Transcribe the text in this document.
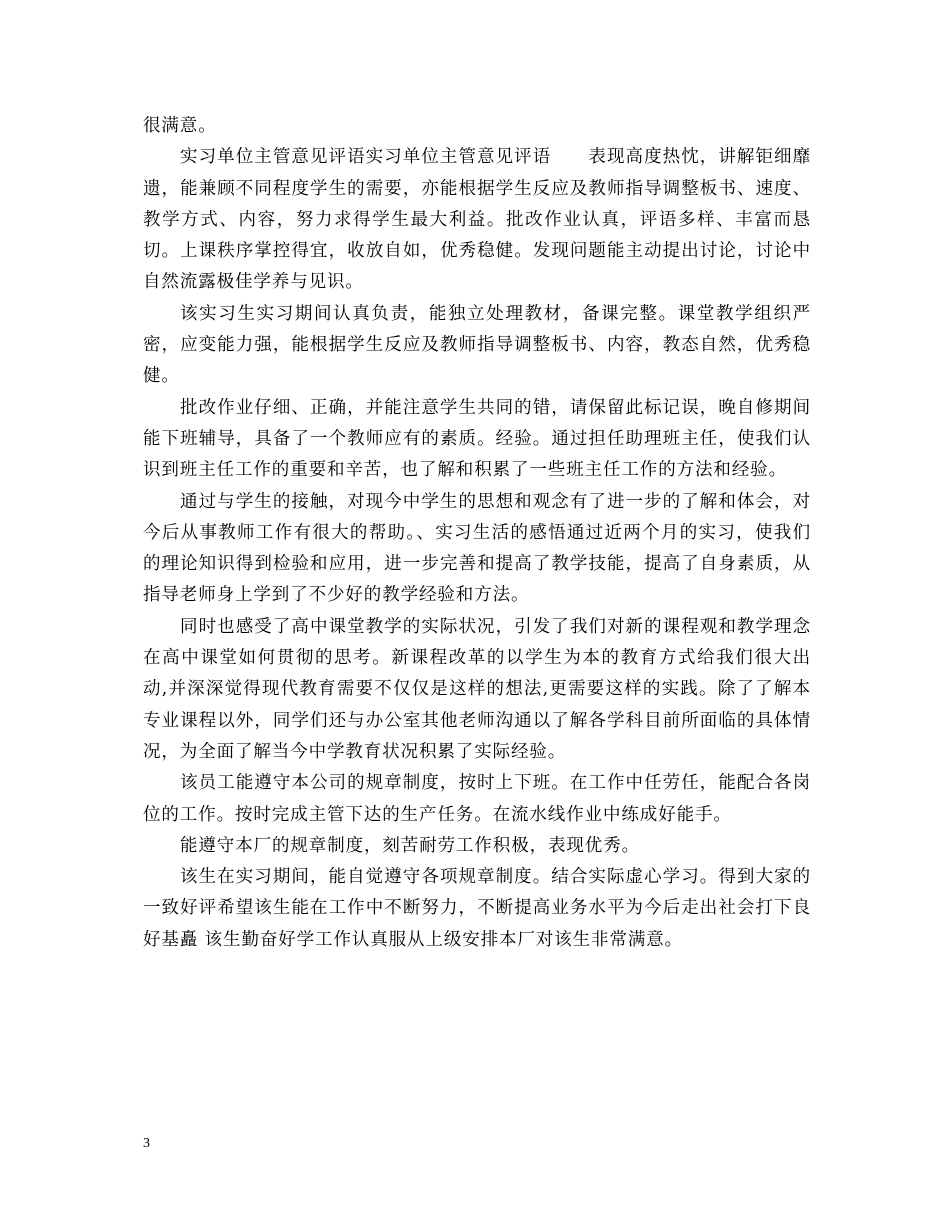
很满意。

实习单位主管意见评语实习单位主管意见评语　　表现高度热忱，讲解钜细靡遗，能兼顾不同程度学生的需要，亦能根据学生反应及教师指导调整板书、速度、教学方式、内容，努力求得学生最大利益。批改作业认真，评语多样、丰富而恳切。上课秩序掌控得宜，收放自如，优秀稳健。发现问题能主动提出讨论，讨论中自然流露极佳学养与见识。

该实习生实习期间认真负责，能独立处理教材，备课完整。课堂教学组织严密，应变能力强，能根据学生反应及教师指导调整板书、内容，教态自然，优秀稳健。

批改作业仔细、正确，并能注意学生共同的错，请保留此标记误，晚自修期间能下班辅导，具备了一个教师应有的素质。经验。通过担任助理班主任，使我们认识到班主任工作的重要和辛苦，也了解和积累了一些班主任工作的方法和经验。

通过与学生的接触，对现今中学生的思想和观念有了进一步的了解和体会，对今后从事教师工作有很大的帮助。、实习生活的感悟通过近两个月的实习，使我们的理论知识得到检验和应用，进一步完善和提高了教学技能，提高了自身素质，从指导老师身上学到了不少好的教学经验和方法。

同时也感受了高中课堂教学的实际状况，引发了我们对新的课程观和教学理念在高中课堂如何贯彻的思考。新课程改革的以学生为本的教育方式给我们很大出动,并深深觉得现代教育需要不仅仅是这样的想法,更需要这样的实践。除了了解本专业课程以外，同学们还与办公室其他老师沟通以了解各学科目前所面临的具体情况，为全面了解当今中学教育状况积累了实际经验。

该员工能遵守本公司的规章制度，按时上下班。在工作中任劳任，能配合各岗位的工作。按时完成主管下达的生产任务。在流水线作业中练成好能手。

能遵守本厂的规章制度，刻苦耐劳工作积极，表现优秀。

该生在实习期间，能自觉遵守各项规章制度。结合实际虚心学习。得到大家的一致好评希望该生能在工作中不断努力，不断提高业务水平为今后走出社会打下良好基矗 该生勤奋好学工作认真服从上级安排本厂对该生非常满意。

3
